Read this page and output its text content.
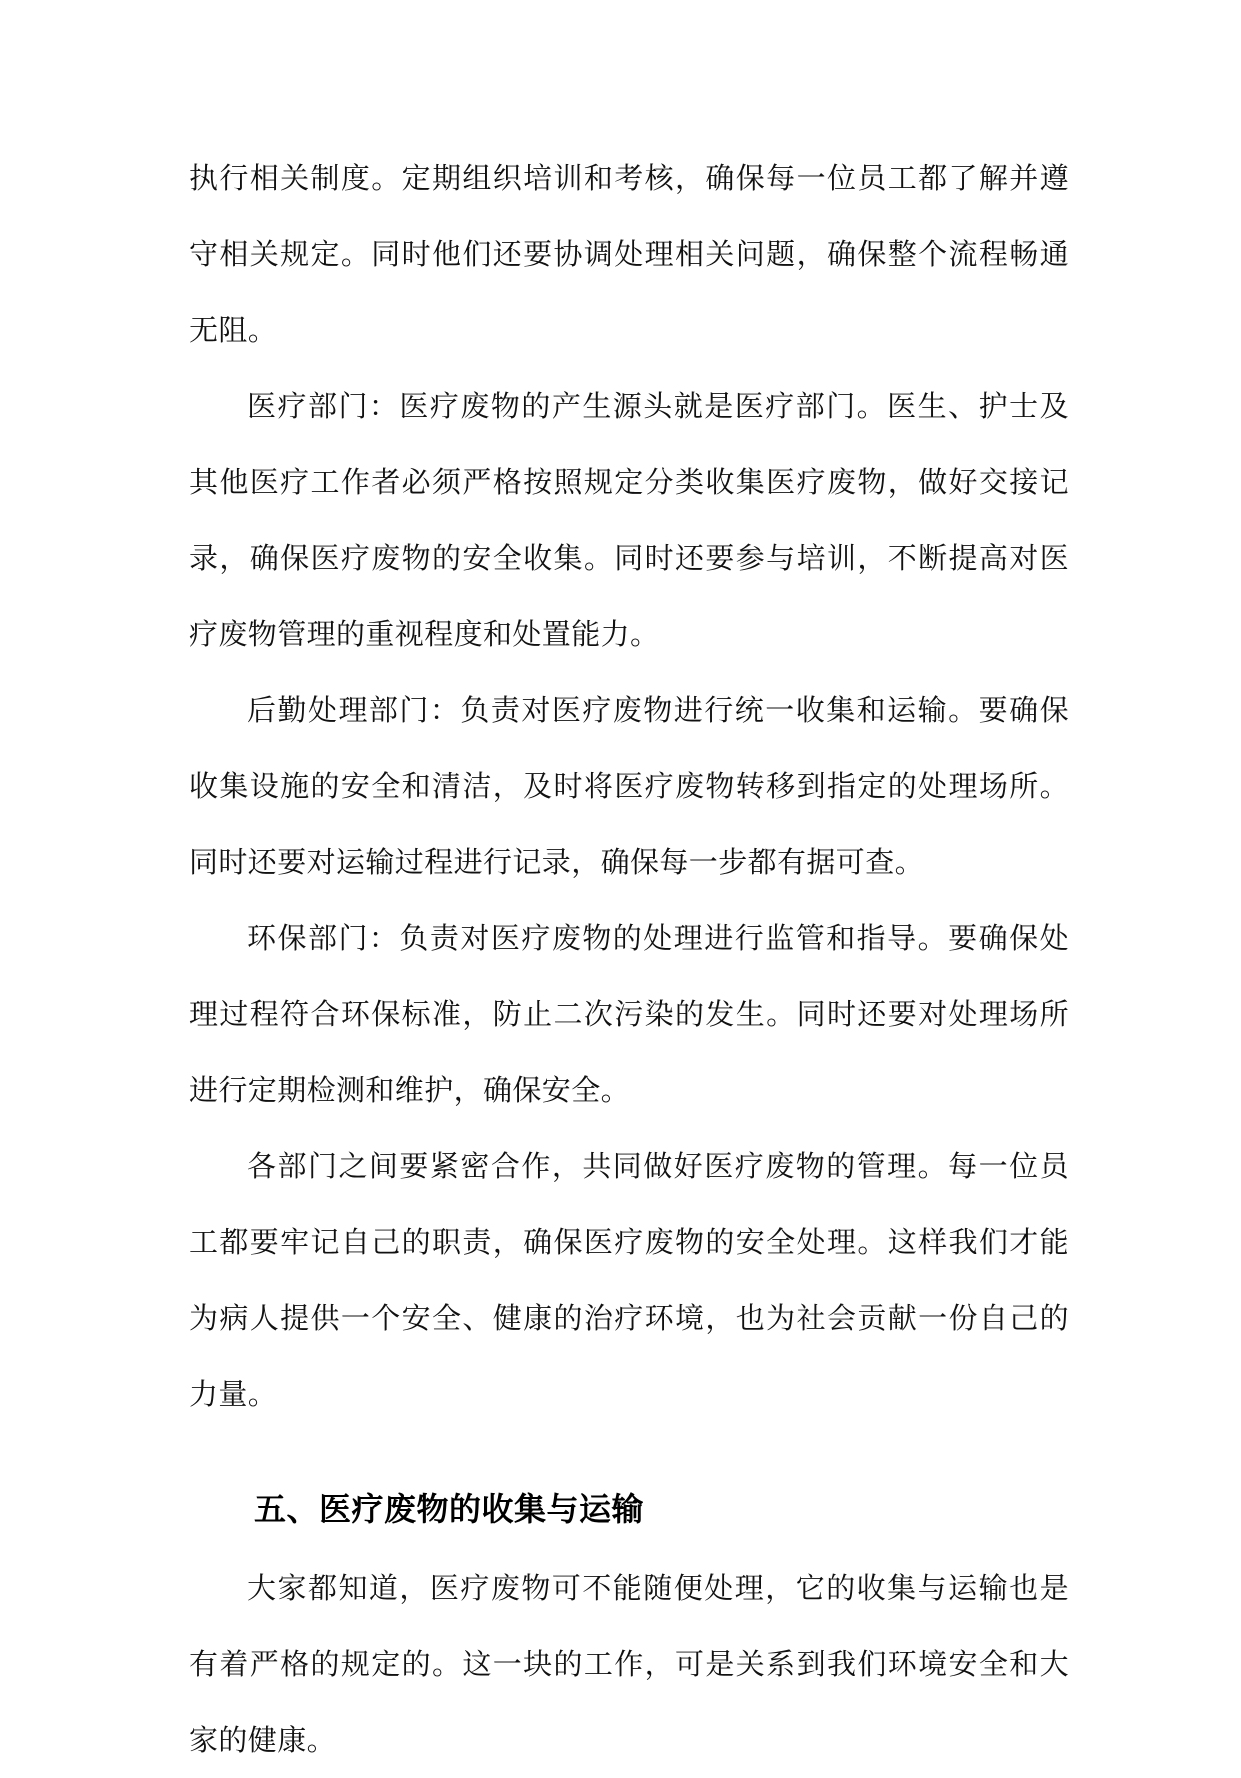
执行相关制度。定期组织培训和考核，确保每一位员工都了解并遵守相关规定。同时他们还要协调处理相关问题，确保整个流程畅通无阻。

医疗部门：医疗废物的产生源头就是医疗部门。医生、护士及其他医疗工作者必须严格按照规定分类收集医疗废物，做好交接记录，确保医疗废物的安全收集。同时还要参与培训，不断提高对医疗废物管理的重视程度和处置能力。

后勤处理部门：负责对医疗废物进行统一收集和运输。要确保收集设施的安全和清洁，及时将医疗废物转移到指定的处理场所。同时还要对运输过程进行记录，确保每一步都有据可查。

环保部门：负责对医疗废物的处理进行监管和指导。要确保处理过程符合环保标准，防止二次污染的发生。同时还要对处理场所进行定期检测和维护，确保安全。

各部门之间要紧密合作，共同做好医疗废物的管理。每一位员工都要牢记自己的职责，确保医疗废物的安全处理。这样我们才能为病人提供一个安全、健康的治疗环境，也为社会贡献一份自己的力量。

五、医疗废物的收集与运输

大家都知道，医疗废物可不能随便处理，它的收集与运输也是有着严格的规定的。这一块的工作，可是关系到我们环境安全和大家的健康。
